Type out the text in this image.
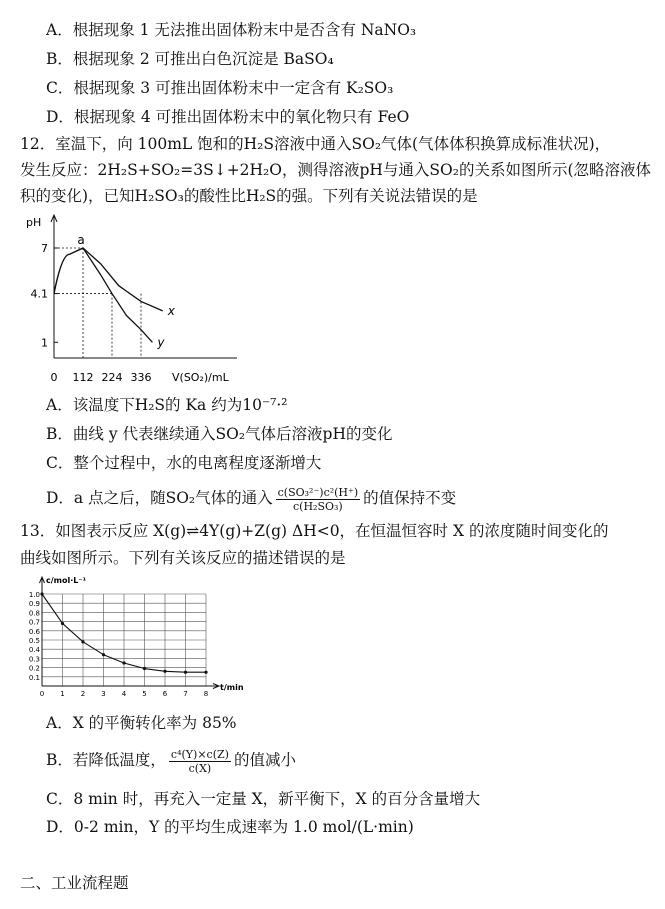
A．根据现象 1 无法推出固体粉末中是否含有 NaNO₃
B．根据现象 2 可推出白色沉淀是 BaSO₄
C．根据现象 3 可推出固体粉末中一定含有 K₂SO₃
D．根据现象 4 可推出固体粉末中的氧化物只有 FeO
12．室温下，向 100mL 饱和的H₂S溶液中通入SO₂气体(气体体积换算成标准状况)，
发生反应：2H₂S+SO₂=3S↓+2H₂O，测得溶液pH与通入SO₂的关系如图所示(忽略溶液体
积的变化)，已知H₂SO₃的酸性比H₂S的强。下列有关说法错误的是
pH
V(SO₂)/mL
1
4.1
7
0 112 224 336
x
y
a
A．该温度下H₂S的 Ka 约为10⁻⁷·²
B．曲线 y 代表继续通入SO₂气体后溶液pH的变化
C．整个过程中，水的电离程度逐渐增大
D．a 点之后，随SO₂气体的通入 $\frac{\text{c(SO₃²⁻)c²(H⁺)}}{\text{c(H₂SO₃)}}$ 的值保持不变
13．如图表示反应 X(g)⇌4Y(g)+Z(g) ΔH<0，在恒温恒容时 X 的浓度随时间变化的
曲线如图所示。下列有关该反应的描述错误的是
c/mol·L⁻¹
t/min
0.1
0.2
0.3
0.4
0.5
0.6
0.7
0.8
0.9
1.0
0 1 2 3 4 5 6 7 8
A．X 的平衡转化率为 85%
B．若降低温度， $\frac{\text{c⁴(Y)×c(Z)}}{c(X)}$ 的值减小
C．8 min 时，再充入一定量 X，新平衡下，X 的百分含量增大
D．0-2 min，Y 的平均生成速率为 1.0 mol/(L·min)
二、工业流程题
